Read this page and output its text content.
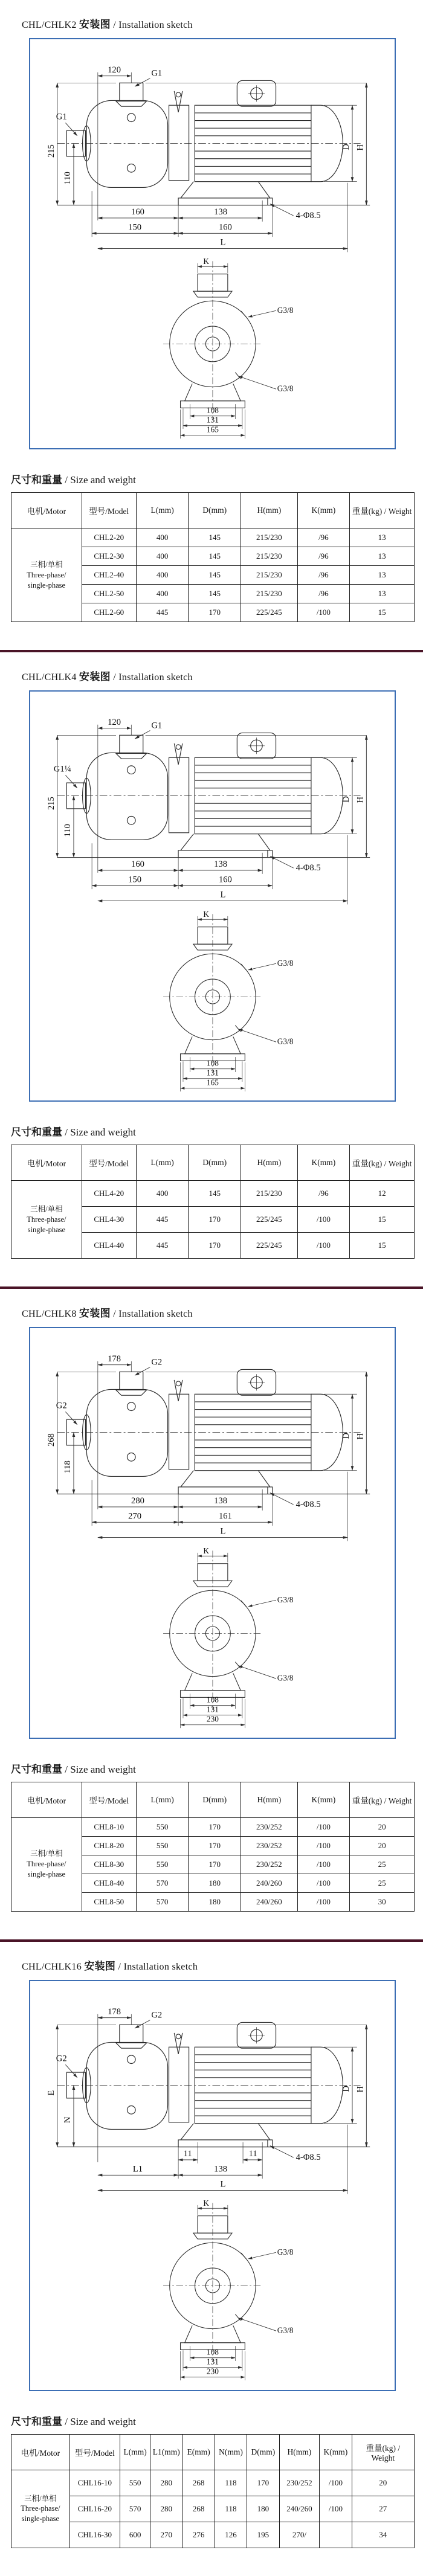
CHL/CHLK2 安装图 / Installation sketch
120	G1
G1
215
110
D H
160	138	4-Φ8.5
150	160
L
K
G3/8
G3/8
108
131
165
尺寸和重量 / Size and weight
电机/Motor	型号/Model	L(mm)	D(mm)	H(mm)	K(mm)	重量(kg) / Weight

三相/单相
Three-phase/
single-phase	CHL2-20	400	145	215/230	/96	13
	CHL2-30	400	145	215/230	/96	13
	CHL2-40	400	145	215/230	/96	13
	CHL2-50	400	145	215/230	/96	13
	CHL2-60	445	170	225/245	/100	15
CHL/CHLK4 安装图 / Installation sketch
120	G1
G1¼
215
110
D H
160	138	4-Φ8.5
150	160
L
K
G3/8
G3/8
108
131
165
尺寸和重量 / Size and weight
电机/Motor	型号/Model	L(mm)	D(mm)	H(mm)	K(mm)	重量(kg) / Weight

三相/单相
Three-phase/
single-phase	CHL4-20	400	145	215/230	/96	12
	CHL4-30	445	170	225/245	/100	15
	CHL4-40	445	170	225/245	/100	15
CHL/CHLK8 安装图 / Installation sketch
178	G2
G2
268
118
D H
280	138	4-Φ8.5
270	161
L
K
G3/8
G3/8
108
131
230
尺寸和重量 / Size and weight
电机/Motor	型号/Model	L(mm)	D(mm)	H(mm)	K(mm)	重量(kg) / Weight

三相/单相
Three-phase/
single-phase	CHL8-10	550	170	230/252	/100	20
	CHL8-20	550	170	230/252	/100	20
	CHL8-30	550	170	230/252	/100	25
	CHL8-40	570	180	240/260	/100	25
	CHL8-50	570	180	240/260	/100	30
CHL/CHLK16 安装图 / Installation sketch
178	G2
G2
E
N
D H
11	11	4-Φ8.5
L1	138
L
K
G3/8
G3/8
108
131
230
尺寸和重量 / Size and weight
电机/Motor	型号/Model	L(mm)	L1(mm)	E(mm)	N(mm)	D(mm)	H(mm)	K(mm)	重量(kg) / Weight

三相/单相
Three-phase/
single-phase	CHL16-10	550	280	268	118	170	230/252	/100	20
	CHL16-20	570	280	268	118	180	240/260	/100	27
	CHL16-30	600	270	276	126	195	270/		34
